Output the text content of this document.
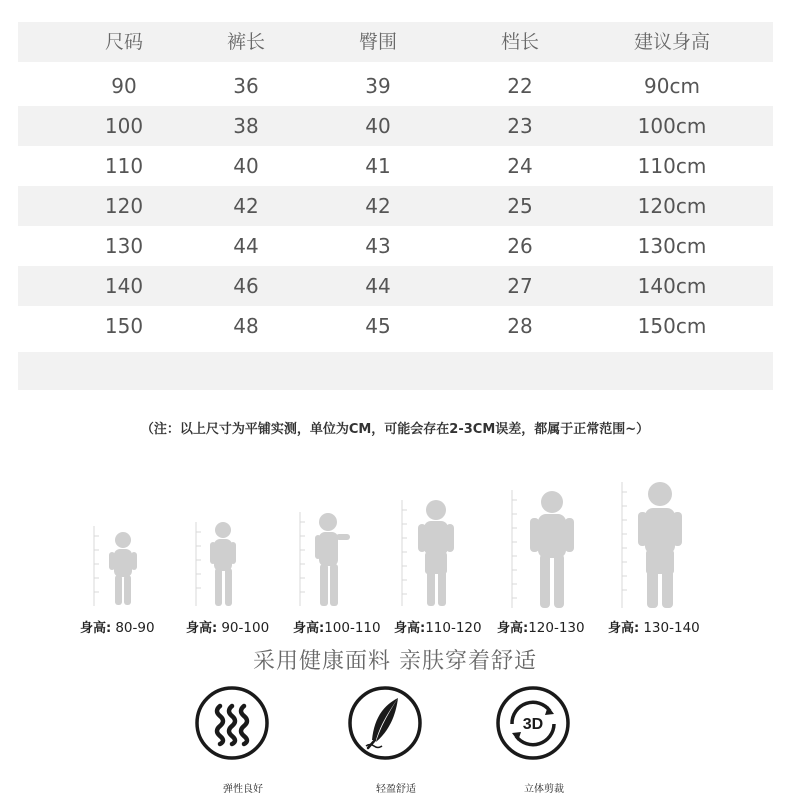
尺码	裤长	臀围	档长	建议身高
90	36	39	22	90cm
100	38	40	23	100cm
110	40	41	24	110cm
120	42	42	25	120cm
130	44	43	26	130cm
140	46	44	27	140cm
150	48	45	28	150cm
（注：以上尺寸为平铺实测，单位为CM，可能会存在2-3CM误差，都属于正常范围~）
身高: 80-90 身高: 90-100 身高:100-110 身高:110-120 身高:120-130 身高: 130-140
采用健康面料 亲肤穿着舒适
弹性良好	轻盈舒适
3D
立体剪裁
